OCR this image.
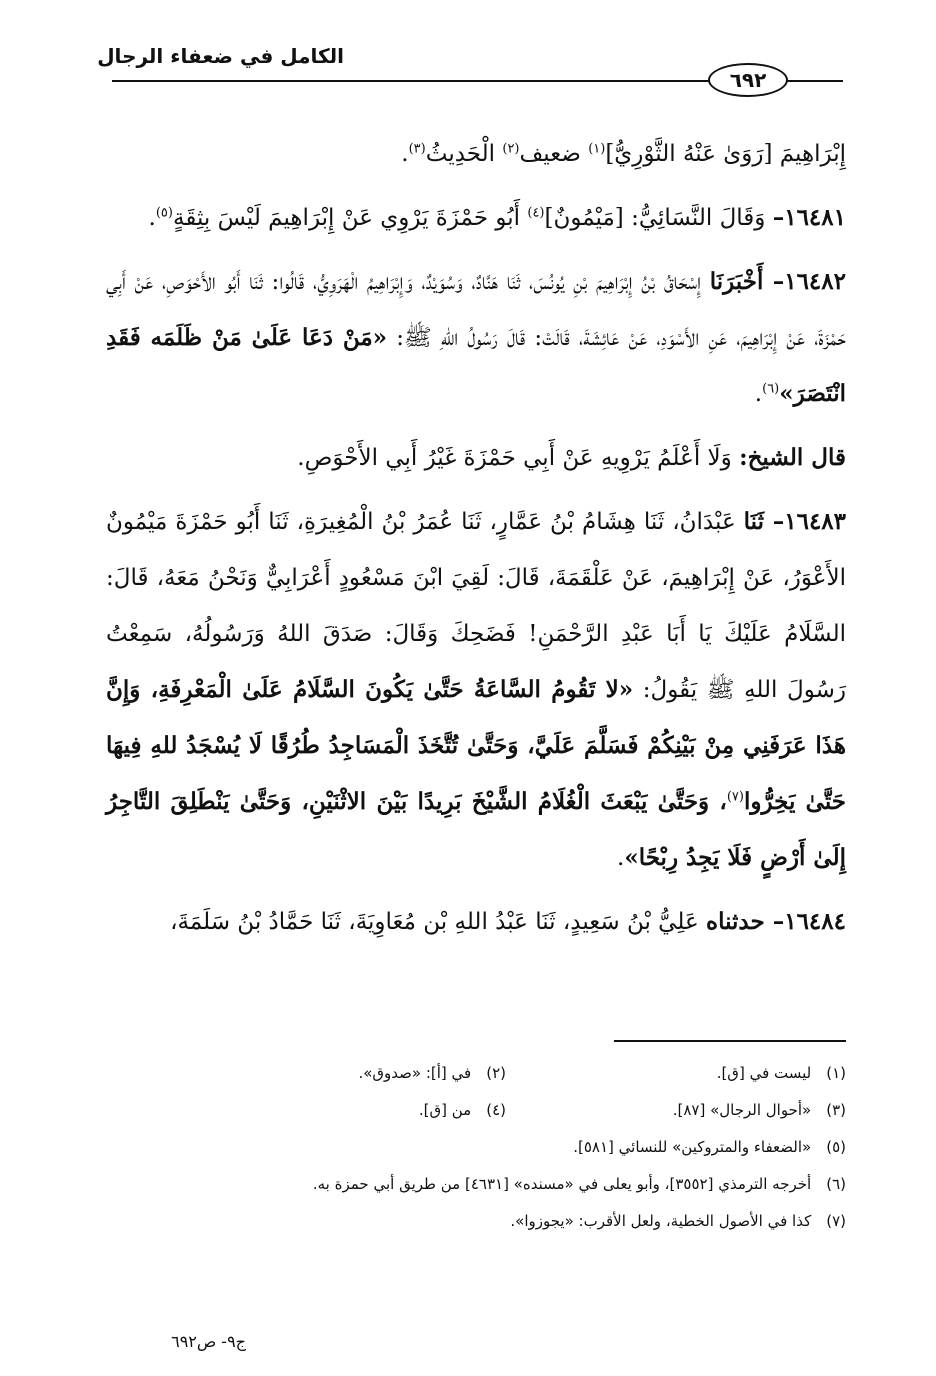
الكامل في ضعفاء الرجال
٦٩٢

إِبْرَاهِيمَ [رَوَىٰ عَنْهُ الثَّوْرِيُّ]$^{(١)}$ ضعيف$^{(٢)}$ الْحَدِيثُ$^{(٣)}$.

١٦٤٨١– وَقَالَ النَّسَائِيُّ: [مَيْمُونٌ]$^{(٤)}$ أَبُو حَمْزَةَ يَرْوِي عَنْ إِبْرَاهِيمَ لَيْسَ بِثِقَةٍ$^{(٥)}$.

١٦٤٨٢– أَخْبَرَنَا إِسْحَاقُ بْنُ إِبْرَاهِيمَ بْنِ يُونُسَ، ثَنَا هَنَّادٌ، وَسُوَيْدٌ، وَإِبْرَاهِيمُ الْهَرَوِيُّ، قَالُوا: ثَنَا أَبُو الأَحْوَصِ، عَنْ أَبِي حَمْزَةَ، عَنْ إِبْرَاهِيمَ، عَنِ الأَسْوَدِ، عَنْ عَائِشَةَ، قَالَتْ: قَالَ رَسُولُ اللهِ ﷺ: «مَنْ دَعَا عَلَىٰ مَنْ ظَلَمَه فَقَدِ انْتَصَرَ»$^{(٦)}$.

قال الشيخ: وَلَا أَعْلَمُ يَرْوِيهِ عَنْ أَبِي حَمْزَةَ غَيْرُ أَبِي الأَحْوَصِ.

١٦٤٨٣– ثَنَا عَبْدَانُ، ثَنَا هِشَامُ بْنُ عَمَّارٍ، ثَنَا عُمَرُ بْنُ الْمُغِيرَةِ، ثَنَا أَبُو حَمْزَةَ مَيْمُونٌ الأَعْوَرُ، عَنْ إِبْرَاهِيمَ، عَنْ عَلْقَمَةَ، قَالَ: لَقِيَ ابْنَ مَسْعُودٍ أَعْرَابِيٌّ وَنَحْنُ مَعَهُ، قَالَ: السَّلَامُ عَلَيْكَ يَا أَبَا عَبْدِ الرَّحْمَنِ! فَضَحِكَ وَقَالَ: صَدَقَ اللهُ وَرَسُولُهُ، سَمِعْتُ رَسُولَ اللهِ ﷺ يَقُولُ: «لا تَقُومُ السَّاعَةُ حَتَّىٰ يَكُونَ السَّلَامُ عَلَىٰ الْمَعْرِفَةِ، وَإِنَّ هَذَا عَرَفَنِي مِنْ بَيْنِكُمْ فَسَلَّمَ عَلَيَّ، وَحَتَّىٰ تُتَّخَذَ الْمَسَاجِدُ طُرُقًا لَا يُسْجَدُ للهِ فِيهَا حَتَّىٰ يَخِرُّوا$^{(٧)}$، وَحَتَّىٰ يَبْعَثَ الْغُلَامُ الشَّيْخَ بَرِيدًا بَيْنَ الاثْنَيْنِ، وَحَتَّىٰ يَنْطَلِقَ التَّاجِرُ إِلَىٰ أَرْضٍ فَلَا يَجِدُ رِبْحًا».

١٦٤٨٤– حدثناه عَلِيُّ بْنُ سَعِيدٍ، ثَنَا عَبْدُ اللهِ بْن مُعَاوِيَةَ، ثَنَا حَمَّادُ بْنُ سَلَمَةَ،

(١) ليست في [ق].
(٢) في [أ]: «صدوق».
(٣) «أحوال الرجال» [٨٧].
(٤) من [ق].
(٥) «الضعفاء والمتروكين» للنسائي [٥٨١].
(٦) أخرجه الترمذي [٣٥٥٢]، وأبو يعلى في «مسنده» [٤٦٣١] من طريق أبي حمزة به.
(٧) كذا في الأصول الخطية، ولعل الأقرب: «يجوزوا».
ج٩- ص٦٩٢
